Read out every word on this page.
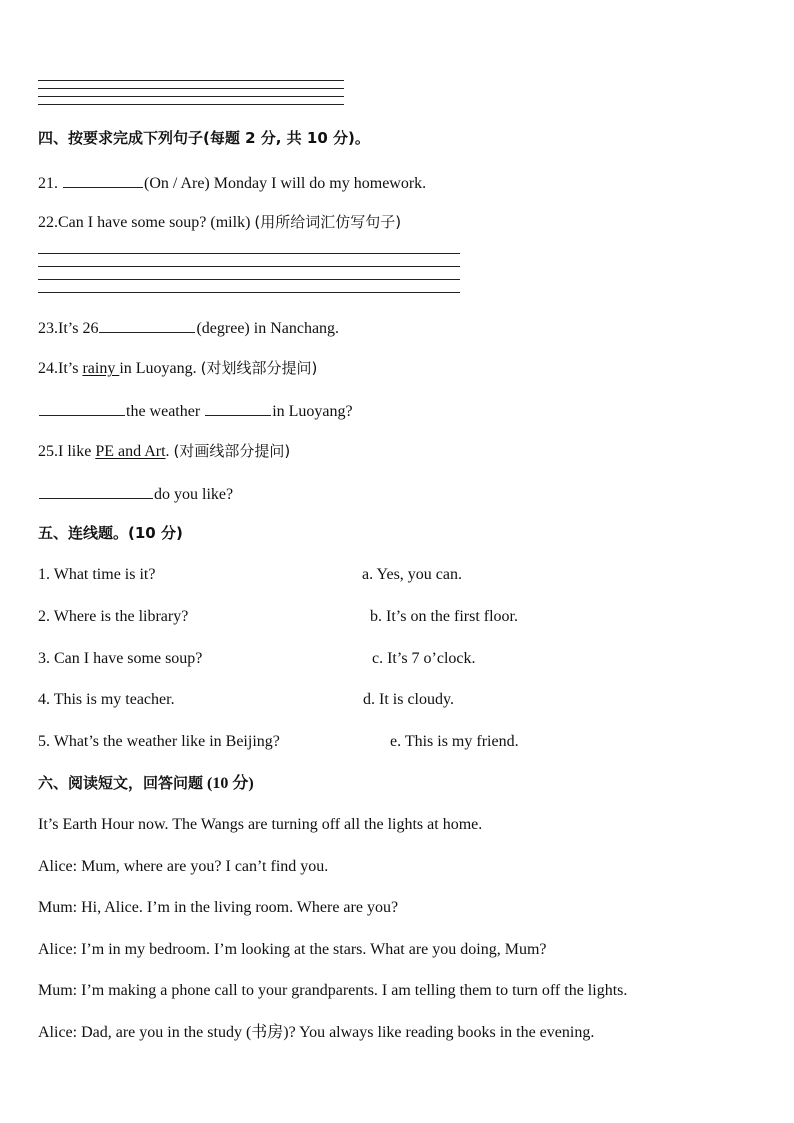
四、按要求完成下列句子(每题 2 分, 共 10 分)。
21.	(On / Are) Monday I will do my homework.
22.Can I have some soup? (milk) (用所给词汇仿写句子)
23.It’s 26	(degree) in Nanchang.
24.It’s rainy in Luoyang. (对划线部分提问)
the weather	in Luoyang?
25.I like PE and Art. (对画线部分提问)
do you like?
五、连线题。(10 分)
1. What time is it?	a. Yes, you can.
2. Where is the library?	b. It’s on the first floor.
3. Can I have some soup?	c. It’s 7 o’clock.
4. This is my teacher.	d. It is cloudy.
5. What’s the weather like in Beijing?	e. This is my friend.
六、阅读短文，回答问题 (10 分)
It’s Earth Hour now. The Wangs are turning off all the lights at home.
Alice: Mum, where are you? I can’t find you.
Mum: Hi, Alice. I’m in the living room. Where are you?
Alice: I’m in my bedroom. I’m looking at the stars. What are you doing, Mum?
Mum: I’m making a phone call to your grandparents. I am telling them to turn off the lights.
Alice: Dad, are you in the study (书房)? You always like reading books in the evening.
